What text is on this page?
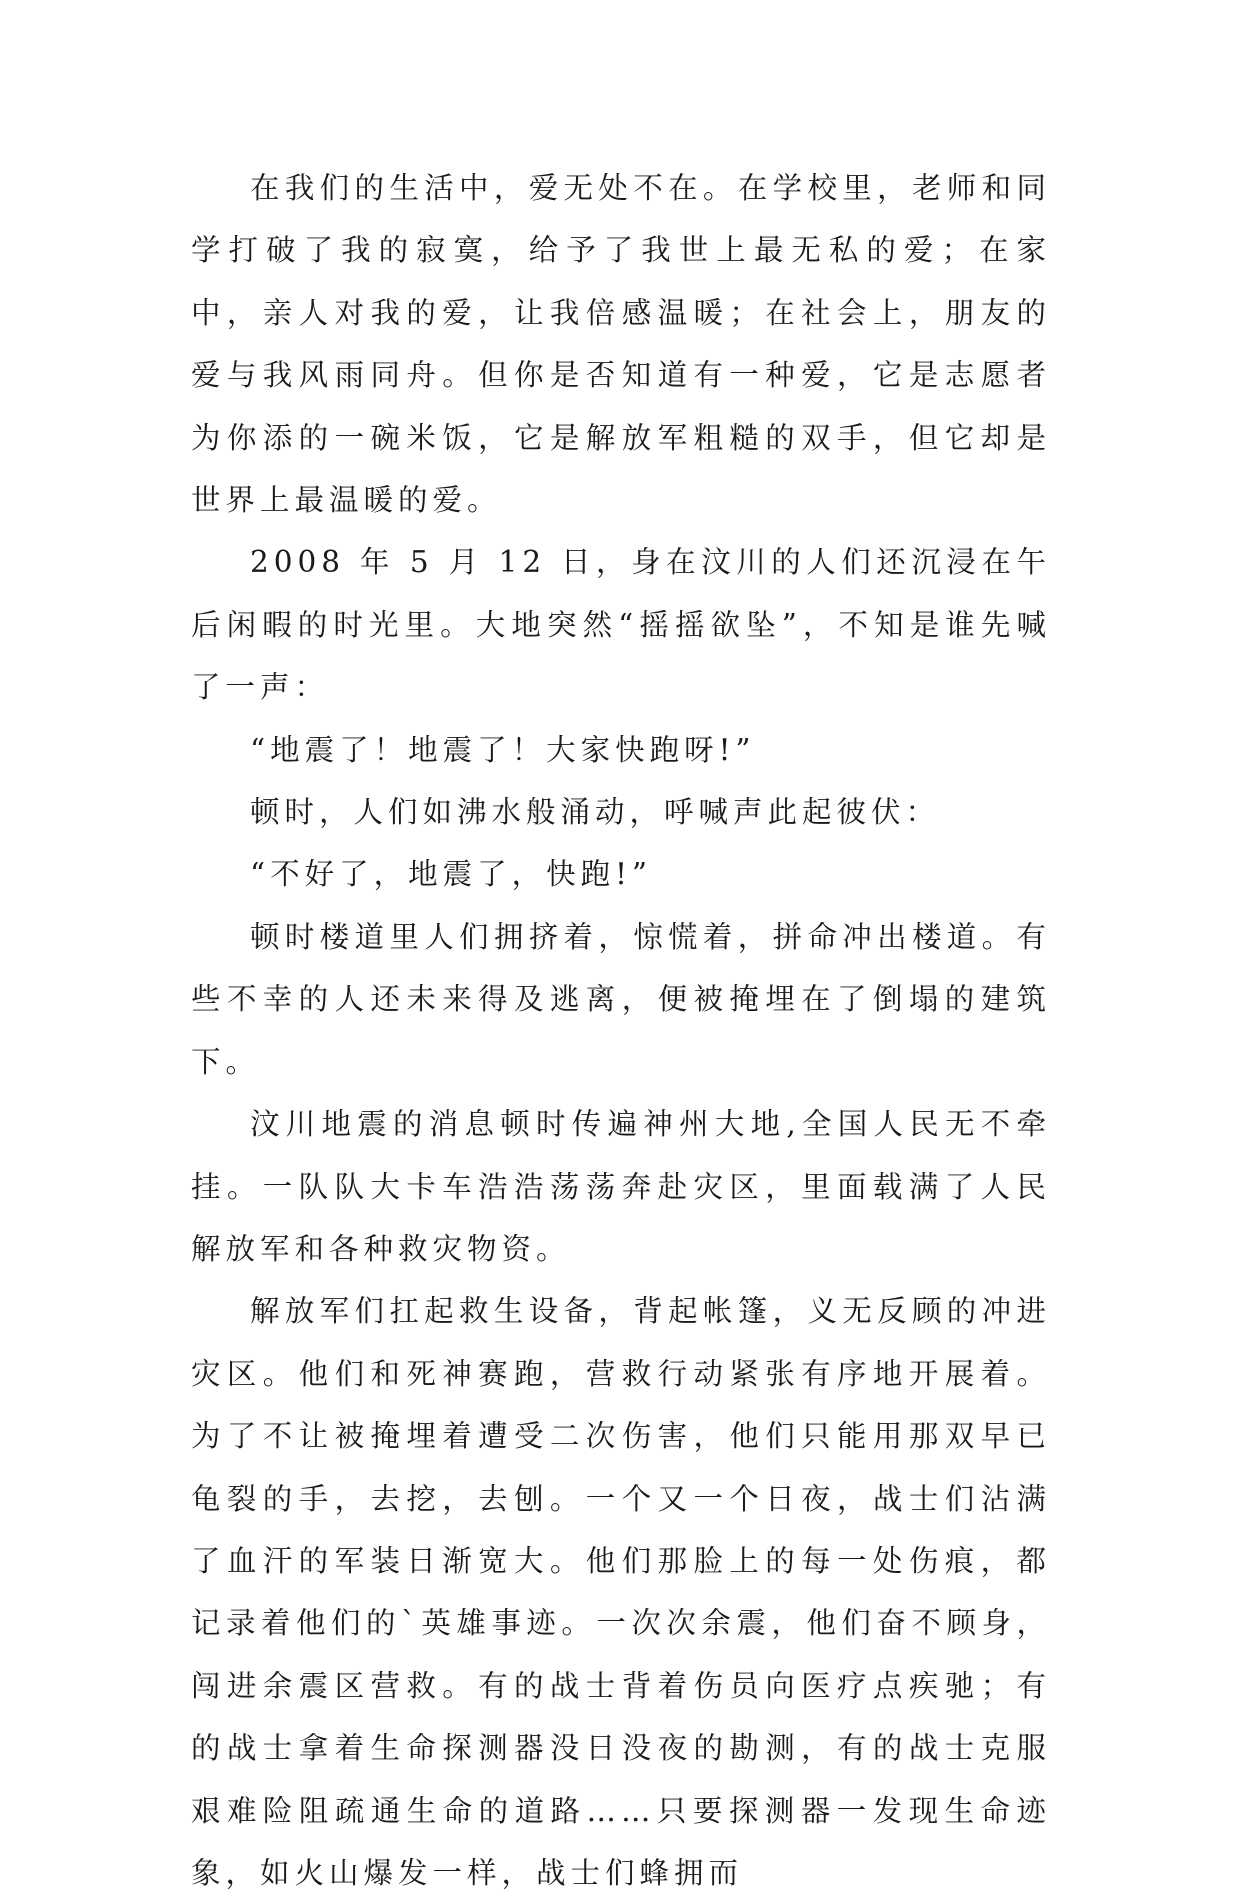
在我们的生活中，爱无处不在。在学校里，老师和同学打破了我的寂寞，给予了我世上最无私的爱；在家中，亲人对我的爱，让我倍感温暖；在社会上，朋友的爱与我风雨同舟。但你是否知道有一种爱，它是志愿者为你添的一碗米饭，它是解放军粗糙的双手，但它却是世界上最温暖的爱。

2008 年 5 月 12 日，身在汶川的人们还沉浸在午后闲暇的时光里。大地突然“摇摇欲坠”，不知是谁先喊了一声：

“地震了！地震了！大家快跑呀!”

顿时，人们如沸水般涌动，呼喊声此起彼伏：

“不好了，地震了，快跑!”

顿时楼道里人们拥挤着，惊慌着，拼命冲出楼道。有些不幸的人还未来得及逃离，便被掩埋在了倒塌的建筑下。

汶川地震的消息顿时传遍神州大地,全国人民无不牵挂。一队队大卡车浩浩荡荡奔赴灾区，里面载满了人民解放军和各种救灾物资。

解放军们扛起救生设备，背起帐篷，义无反顾的冲进灾区。他们和死神赛跑，营救行动紧张有序地开展着。为了不让被掩埋着遭受二次伤害，他们只能用那双早已龟裂的手，去挖，去刨。一个又一个日夜，战士们沾满了血汗的军装日渐宽大。他们那脸上的每一处伤痕，都记录着他们的`英雄事迹。一次次余震，他们奋不顾身，闯进余震区营救。有的战士背着伤员向医疗点疾驰；有的战士拿着生命探测器没日没夜的勘测，有的战士克服艰难险阻疏通生命的道路……只要探测器一发现生命迹象，如火山爆发一样，战士们蜂拥而
